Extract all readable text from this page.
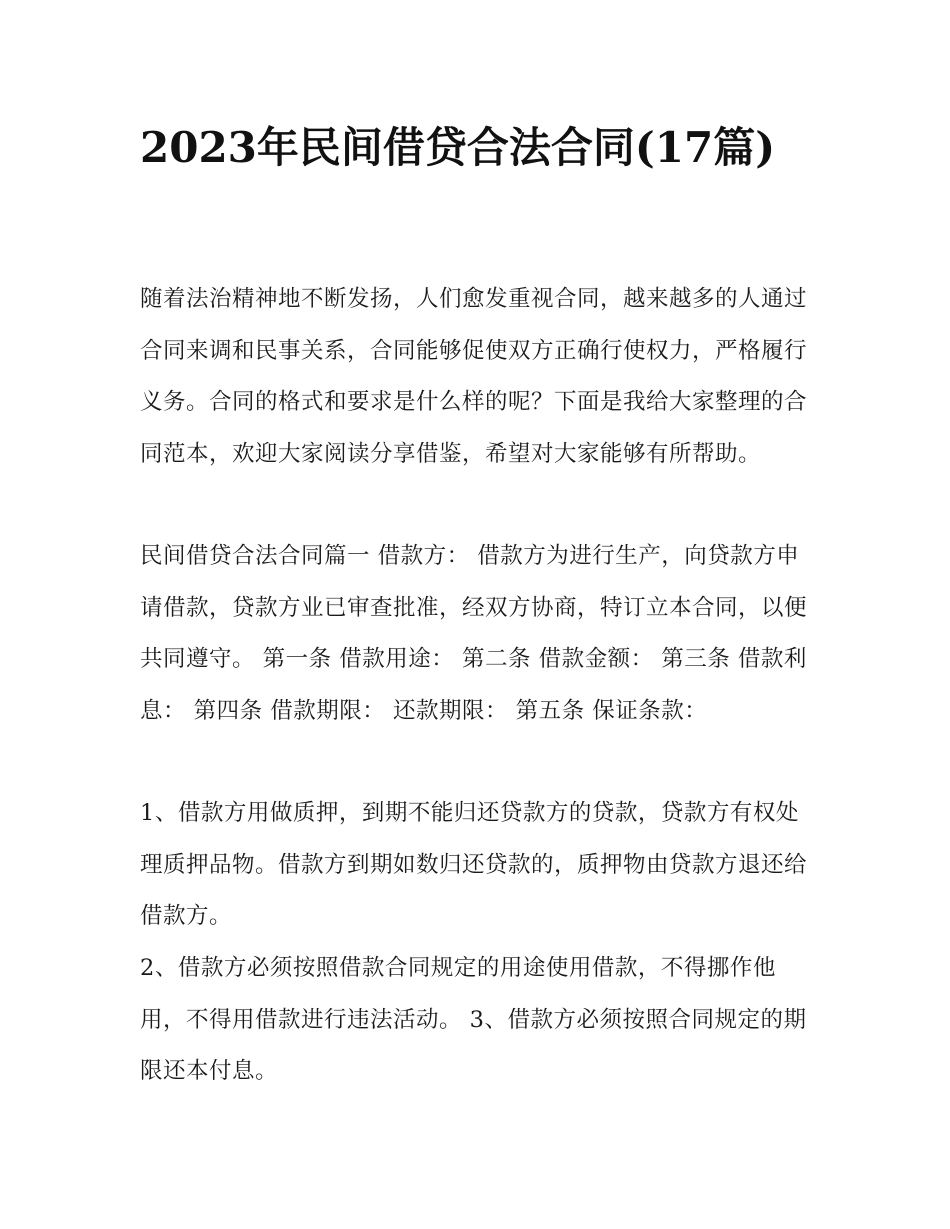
2023年民间借贷合法合同(17篇)

随着法治精神地不断发扬，人们愈发重视合同，越来越多的人通过合同来调和民事关系，合同能够促使双方正确行使权力，严格履行义务。合同的格式和要求是什么样的呢？下面是我给大家整理的合同范本，欢迎大家阅读分享借鉴，希望对大家能够有所帮助。

民间借贷合法合同篇一 借款方： 借款方为进行生产，向贷款方申请借款，贷款方业已审查批准，经双方协商，特订立本合同，以便共同遵守。 第一条 借款用途： 第二条 借款金额： 第三条 借款利息： 第四条 借款期限： 还款期限： 第五条 保证条款：

1、借款方用做质押，到期不能归还贷款方的贷款，贷款方有权处理质押品物。借款方到期如数归还贷款的，质押物由贷款方退还给借款方。

2、借款方必须按照借款合同规定的用途使用借款，不得挪作他用，不得用借款进行违法活动。 3、借款方必须按照合同规定的期限还本付息。
